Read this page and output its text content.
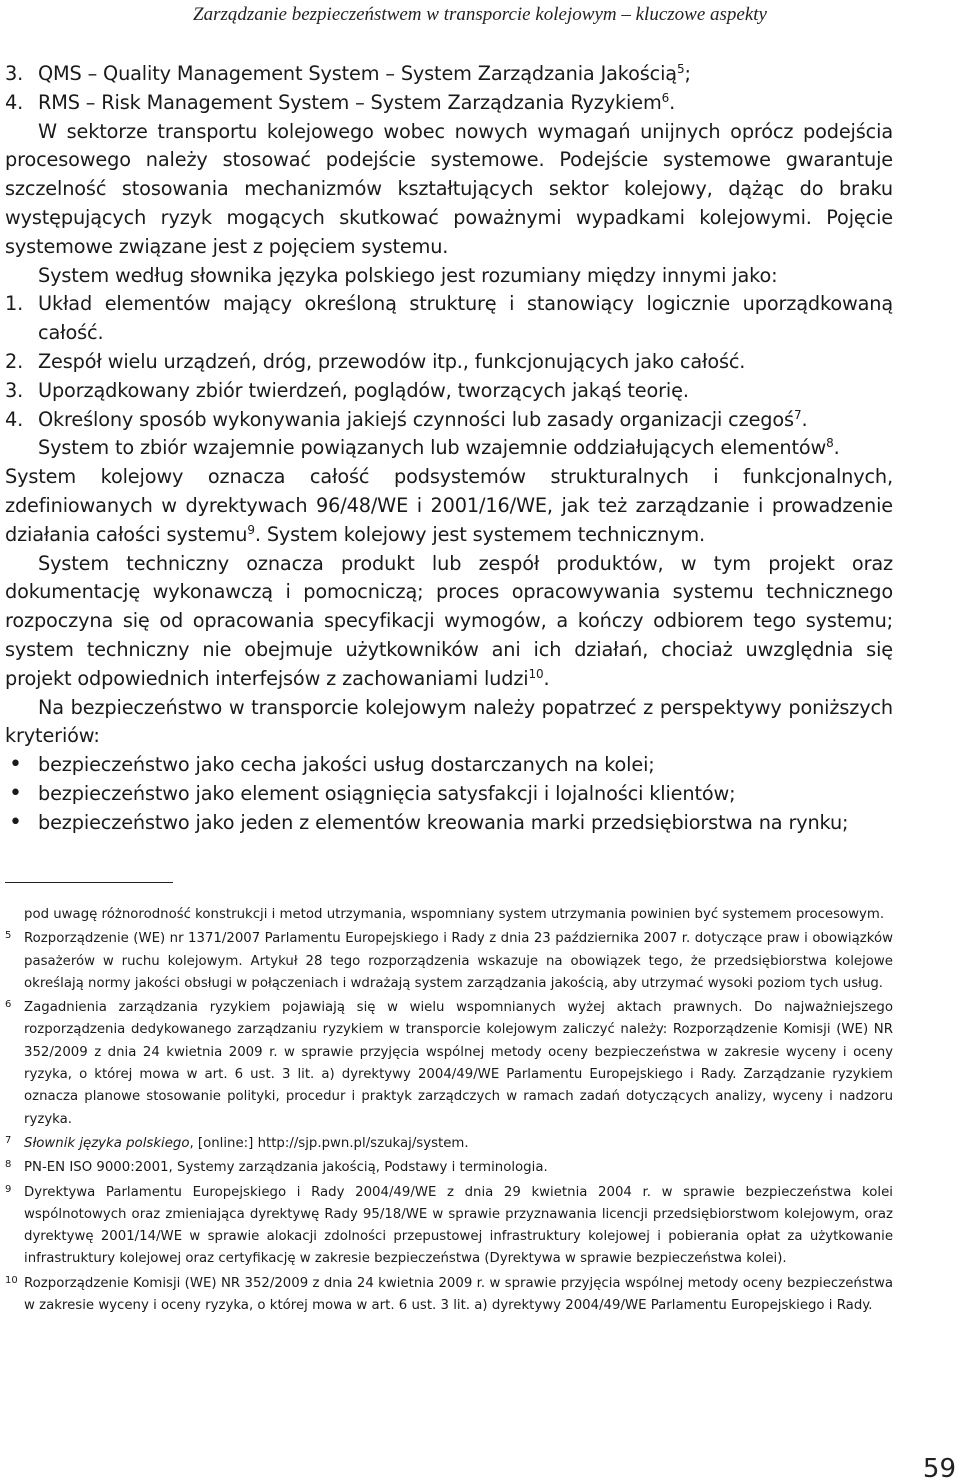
Zarządzanie bezpieczeństwem w transporcie kolejowym – kluczowe aspekty
3. QMS – Quality Management System – System Zarządzania Jakością$^5$;
4. RMS – Risk Management System – System Zarządzania Ryzykiem$^6$.

W sektorze transportu kolejowego wobec nowych wymagań unijnych oprócz podejścia procesowego należy stosować podejście systemowe. Podejście systemowe gwarantuje szczelność stosowania mechanizmów kształtujących sektor kolejowy, dążąc do braku występujących ryzyk mogących skutkować poważnymi wypadkami kolejowymi. Pojęcie systemowe związane jest z pojęciem systemu.

System według słownika języka polskiego jest rozumiany między innymi jako:

1. Układ elementów mający określoną strukturę i stanowiący logicznie uporządkowaną całość.
2. Zespół wielu urządzeń, dróg, przewodów itp., funkcjonujących jako całość.
3. Uporządkowany zbiór twierdzeń, poglądów, tworzących jakąś teorię.
4. Określony sposób wykonywania jakiejś czynności lub zasady organizacji czegoś$^7$.

System to zbiór wzajemnie powiązanych lub wzajemnie oddziałujących elementów$^8$.

System kolejowy oznacza całość podsystemów strukturalnych i funkcjonalnych, zdefiniowanych w dyrektywach 96/48/WE i 2001/16/WE, jak też zarządzanie i prowadzenie działania całości systemu$^9$. System kolejowy jest systemem technicznym.

System techniczny oznacza produkt lub zespół produktów, w tym projekt oraz dokumentację wykonawczą i pomocniczą; proces opracowywania systemu technicznego rozpoczyna się od opracowania specyfikacji wymogów, a kończy odbiorem tego systemu; system techniczny nie obejmuje użytkowników ani ich działań, chociaż uwzględnia się projekt odpowiednich interfejsów z zachowaniami ludzi$^{10}$.

Na bezpieczeństwo w transporcie kolejowym należy popatrzeć z perspektywy poniższych kryteriów:

• bezpieczeństwo jako cecha jakości usług dostarczanych na kolei;
• bezpieczeństwo jako element osiągnięcia satysfakcji i lojalności klientów;
• bezpieczeństwo jako jeden z elementów kreowania marki przedsiębiorstwa na rynku;
pod uwagę różnorodność konstrukcji i metod utrzymania, wspomniany system utrzymania powinien być systemem procesowym.
5 Rozporządzenie (WE) nr 1371/2007 Parlamentu Europejskiego i Rady z dnia 23 października 2007 r. dotyczące praw i obowiązków pasażerów w ruchu kolejowym. Artykuł 28 tego rozporządzenia wskazuje na obowiązek tego, że przedsiębiorstwa kolejowe określają normy jakości obsługi w połączeniach i wdrażają system zarządzania jakością, aby utrzymać wysoki poziom tych usług.
6 Zagadnienia zarządzania ryzykiem pojawiają się w wielu wspomnianych wyżej aktach prawnych. Do najważniejszego rozporządzenia dedykowanego zarządzaniu ryzykiem w transporcie kolejowym zaliczyć należy: Rozporządzenie Komisji (WE) NR 352/2009 z dnia 24 kwietnia 2009 r. w sprawie przyjęcia wspólnej metody oceny bezpieczeństwa w zakresie wyceny i oceny ryzyka, o której mowa w art. 6 ust. 3 lit. a) dyrektywy 2004/49/WE Parlamentu Europejskiego i Rady. Zarządzanie ryzykiem oznacza planowe stosowanie polityki, procedur i praktyk zarządczych w ramach zadań dotyczących analizy, wyceny i nadzoru ryzyka.
7 Słownik języka polskiego, [online:] http://sjp.pwn.pl/szukaj/system.
8 PN-EN ISO 9000:2001, Systemy zarządzania jakością, Podstawy i terminologia.
9 Dyrektywa Parlamentu Europejskiego i Rady 2004/49/WE z dnia 29 kwietnia 2004 r. w sprawie bezpieczeństwa kolei wspólnotowych oraz zmieniająca dyrektywę Rady 95/18/WE w sprawie przyznawania licencji przedsiębiorstwom kolejowym, oraz dyrektywę 2001/14/WE w sprawie alokacji zdolności przepustowej infrastruktury kolejowej i pobierania opłat za użytkowanie infrastruktury kolejowej oraz certyfikację w zakresie bezpieczeństwa (Dyrektywa w sprawie bezpieczeństwa kolei).
10 Rozporządzenie Komisji (WE) NR 352/2009 z dnia 24 kwietnia 2009 r. w sprawie przyjęcia wspólnej metody oceny bezpieczeństwa w zakresie wyceny i oceny ryzyka, o której mowa w art. 6 ust. 3 lit. a) dyrektywy 2004/49/WE Parlamentu Europejskiego i Rady.
59
